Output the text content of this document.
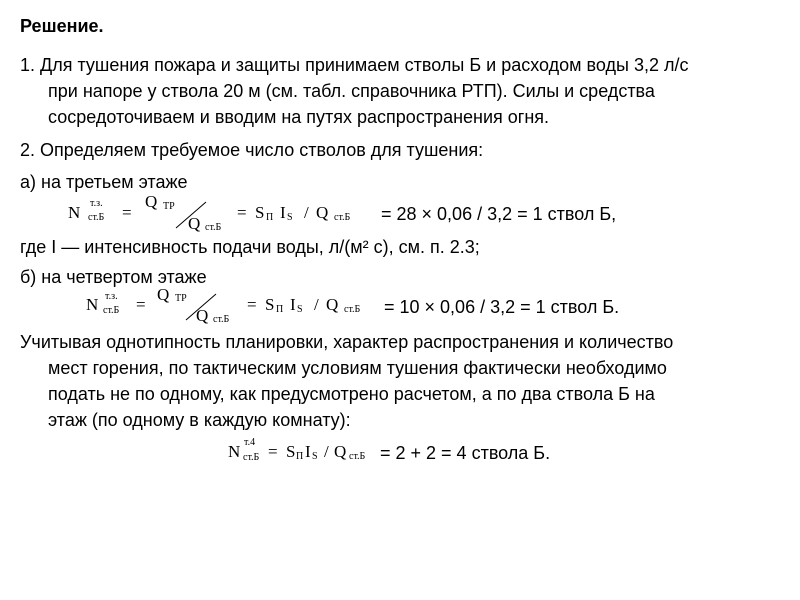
Решение.
1. Для тушения пожара и защиты принимаем стволы Б и расходом воды 3,2 л/с
при напоре у ствола 20 м (см. табл. справочника РТП). Силы и средства
сосредоточиваем и вводим на путях распространения огня.
2. Определяем требуемое число стволов для тушения:
а) на третьем этаже
N т.з.
ст.Б =
Q ТР
Q ст.Б
= S П I S / Q ст.Б = 28 × 0,06 / 3,2 = 1 ствол Б,
где I — интенсивность подачи воды, л/(м² с), см. п. 2.3;
б) на четвертом этаже
N т.з.
ст.Б =
Q ТР
Q ст.Б
= S П I S / Q ст.Б = 10 × 0,06 / 3,2 = 1 ствол Б.
Учитывая однотипность планировки, характер распространения и количество
мест горения, по тактическим условиям тушения фактически необходимо
подать не по одному, как предусмотрено расчетом, а по два ствола Б на
этаж (по одному в каждую комнату):
N т.4
ст.Б = S П I S / Q ст.Б = 2 + 2 = 4 ствола Б.
